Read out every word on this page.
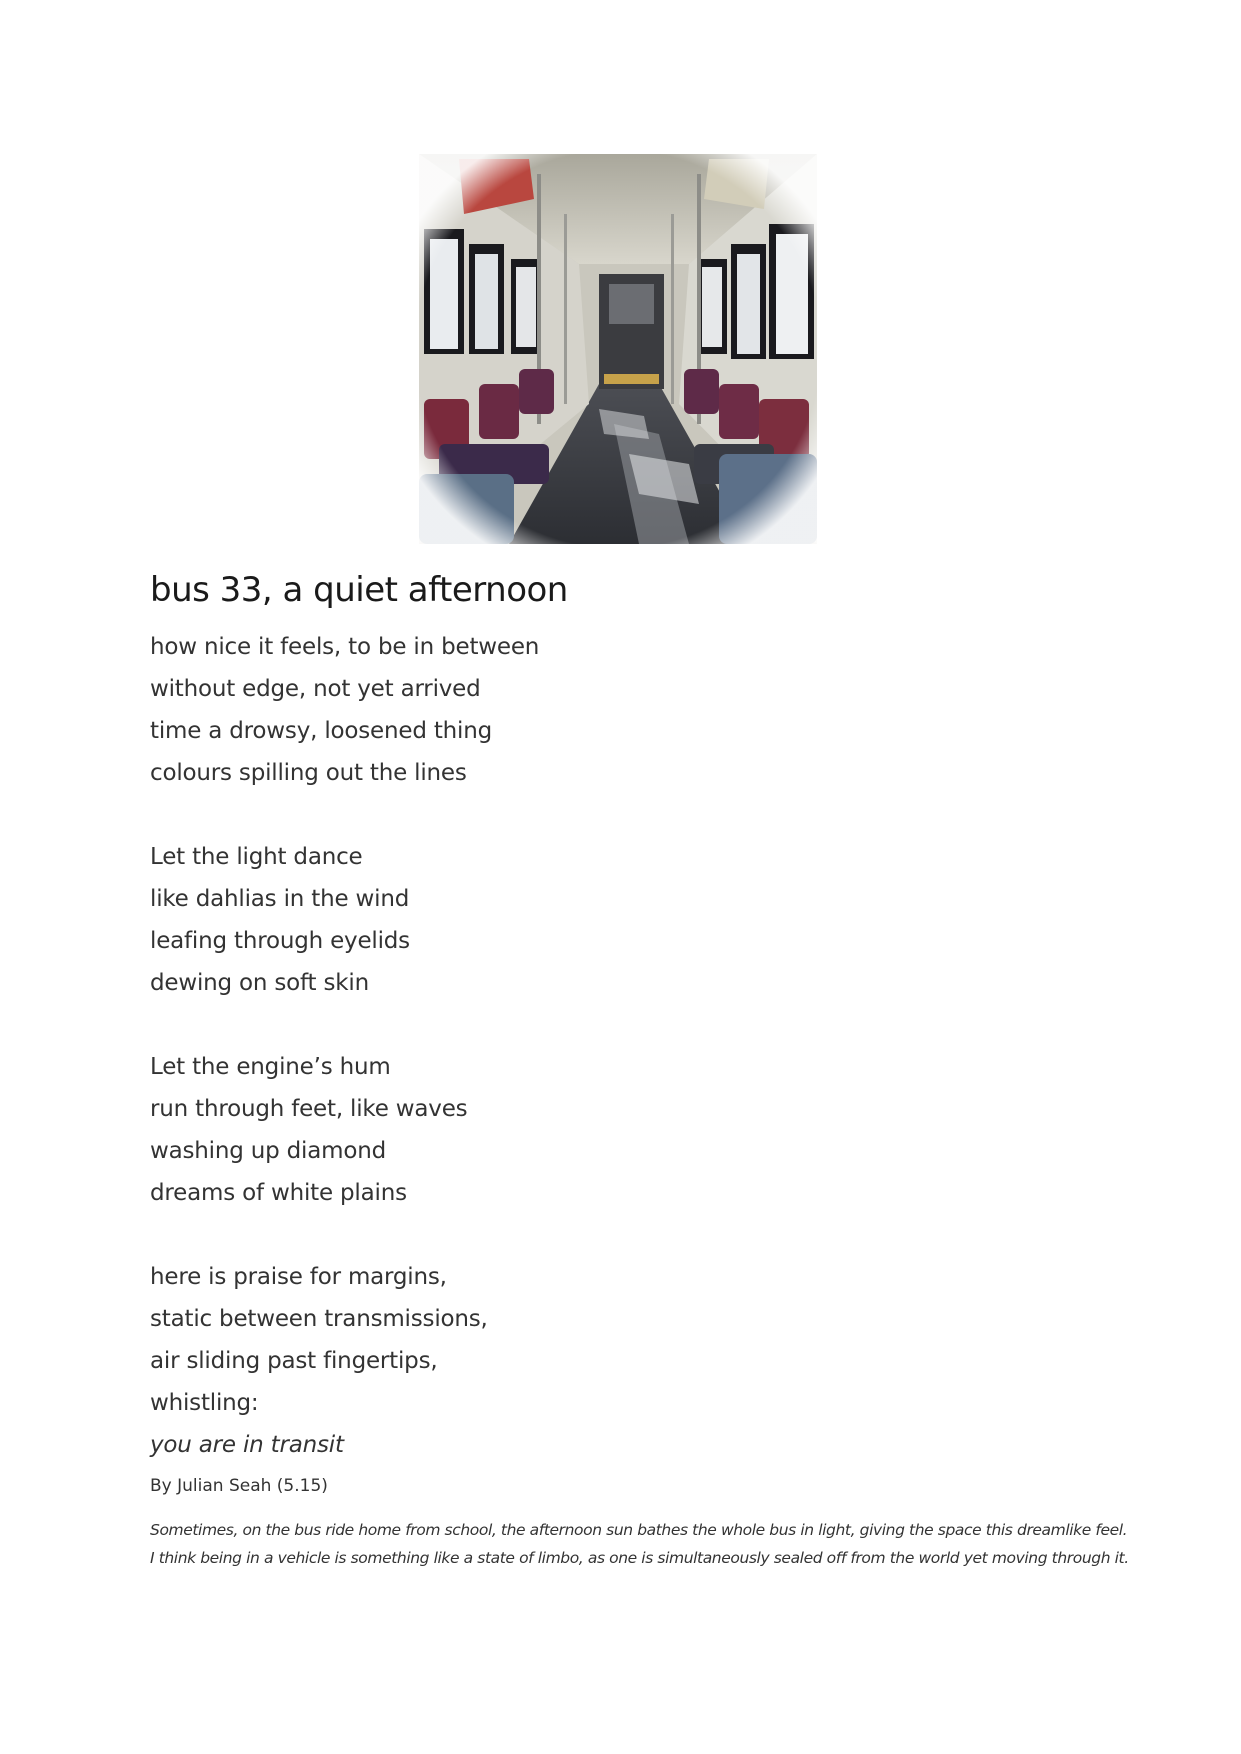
bus 33, a quiet afternoon
how nice it feels, to be in between
without edge, not yet arrived
time a drowsy, loosened thing
colours spilling out the lines
Let the light dance
like dahlias in the wind
leafing through eyelids
dewing on soft skin
Let the engine’s hum
run through feet, like waves
washing up diamond
dreams of white plains
here is praise for margins,
static between transmissions,
air sliding past fingertips,
whistling:
you are in transit
By Julian Seah (5.15)
Sometimes, on the bus ride home from school, the afternoon sun bathes the whole bus in light, giving the space this dreamlike feel.
I think being in a vehicle is something like a state of limbo, as one is simultaneously sealed off from the world yet moving through it.
